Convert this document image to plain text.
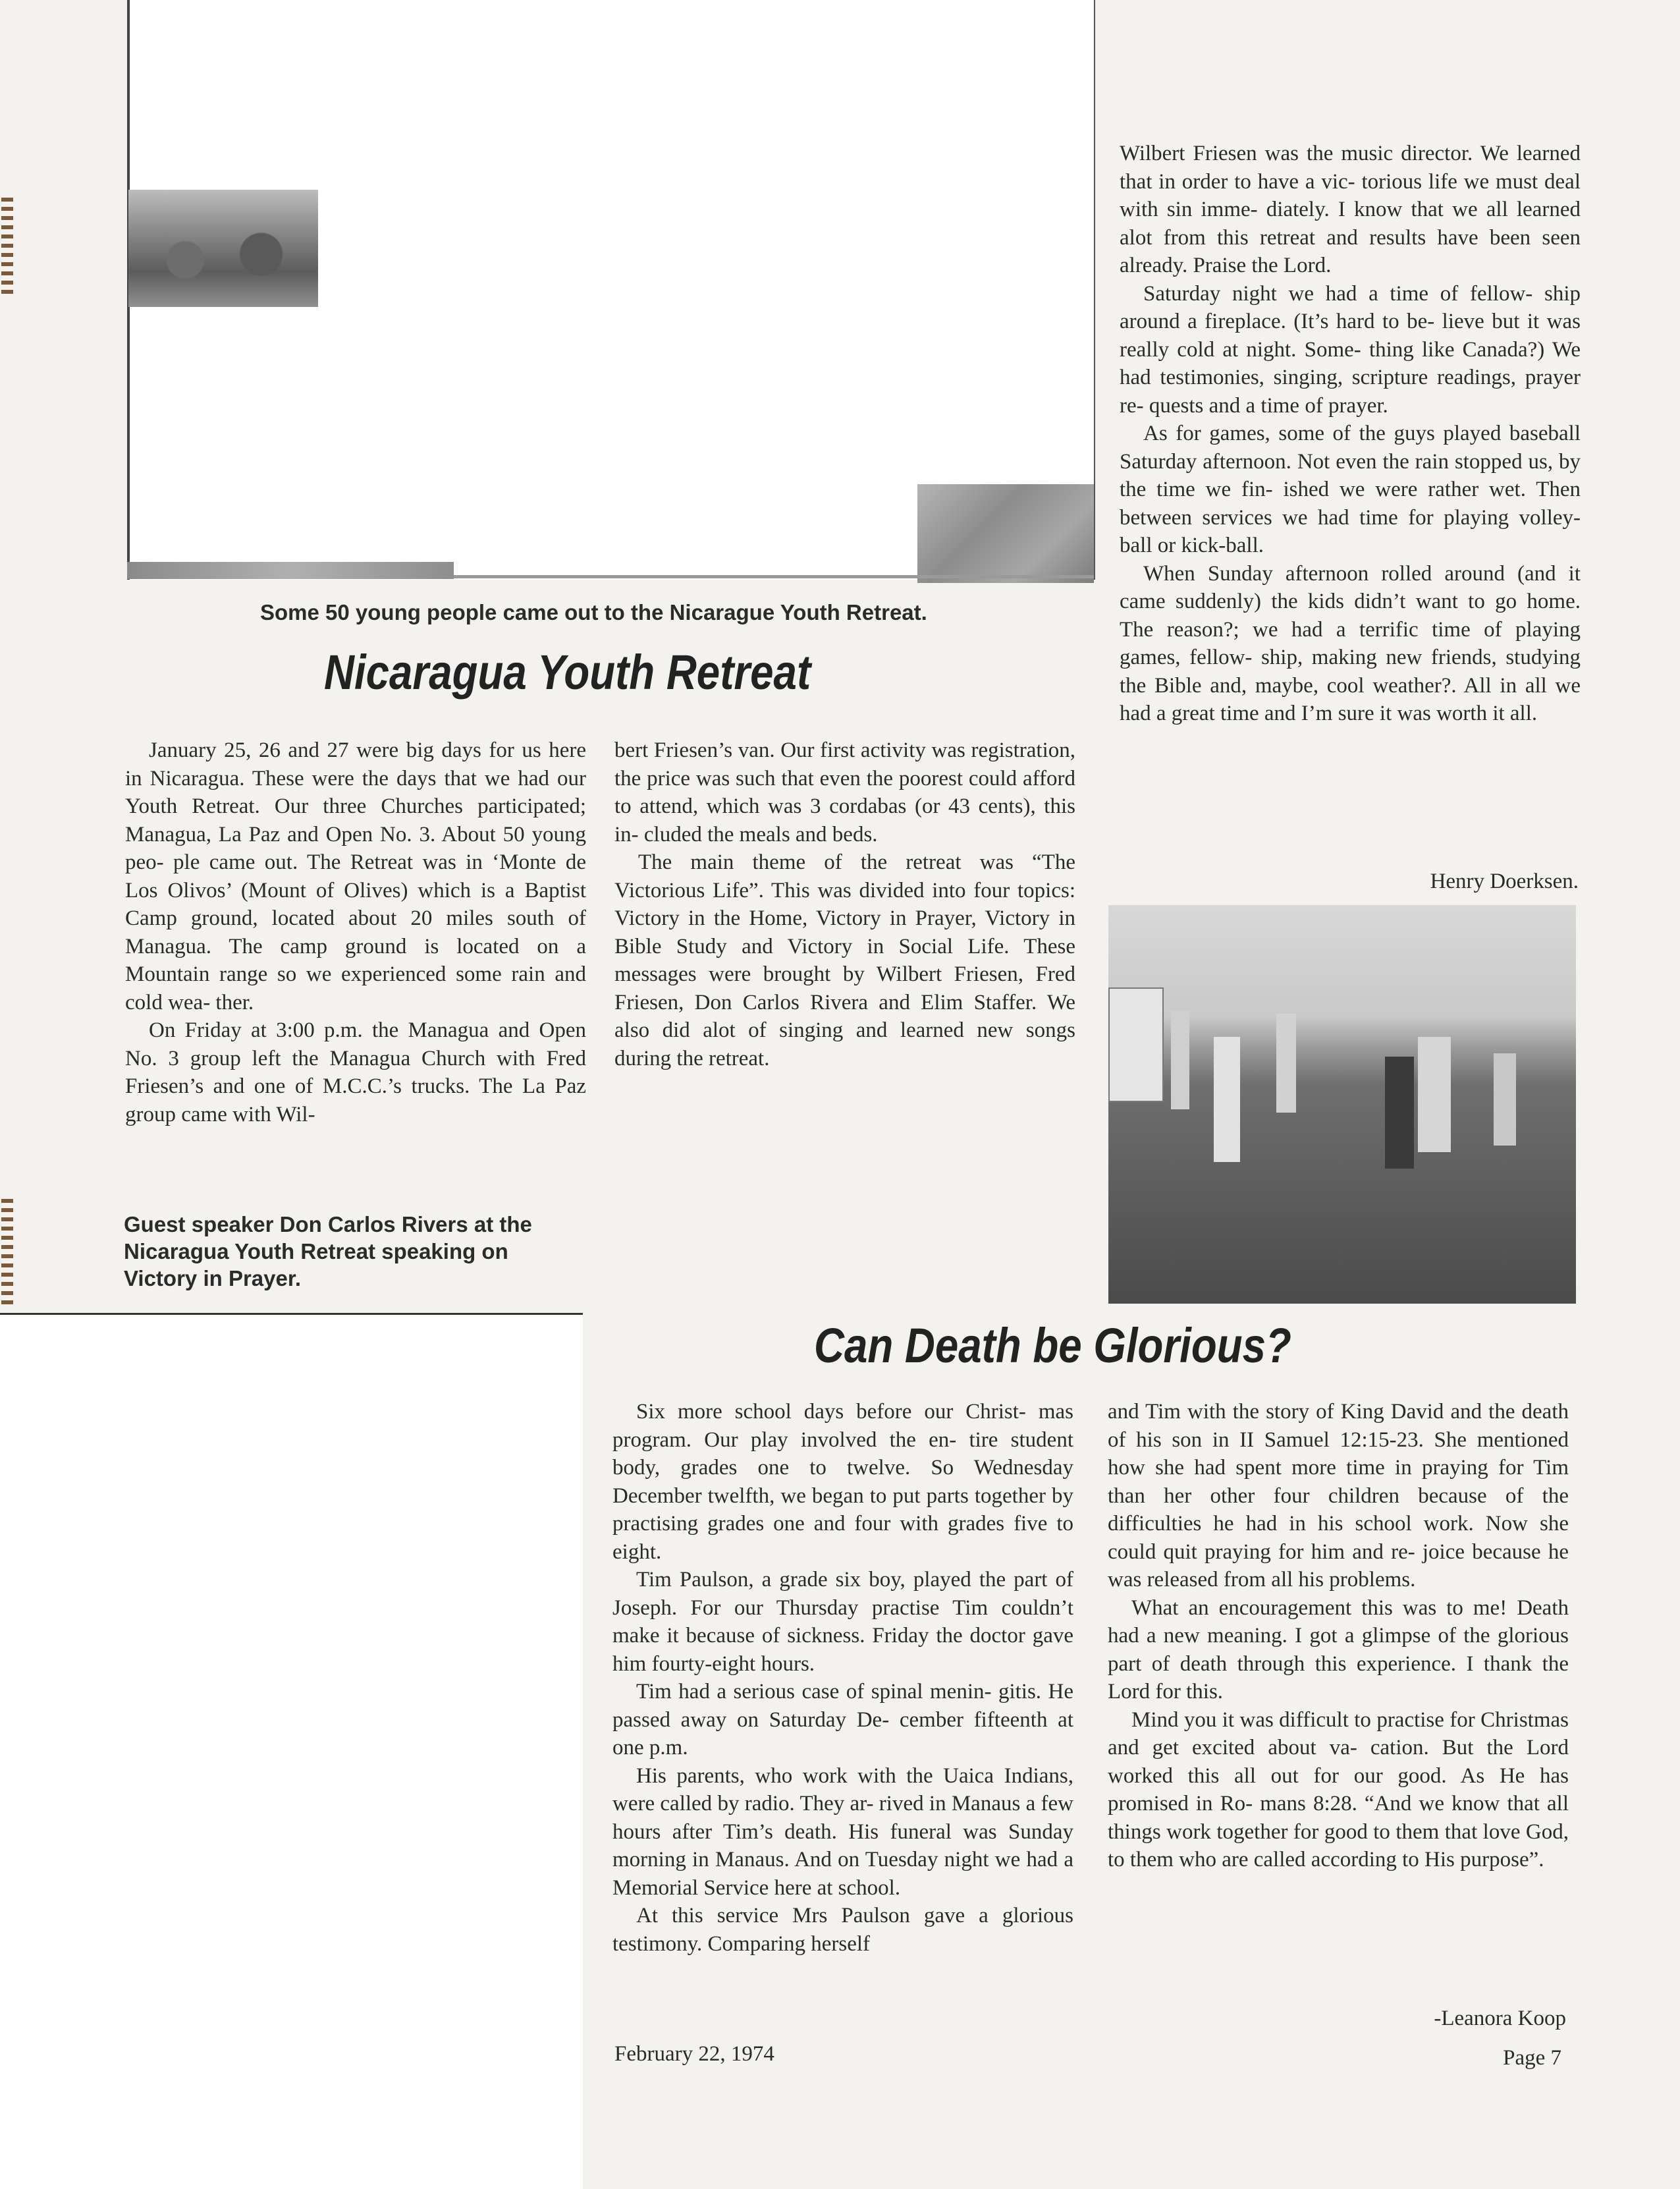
Some 50 young people came out to the Nicarague Youth Retreat.
Nicaragua Youth Retreat

January 25, 26 and 27 were big days for us here in Nicaragua. These were the days that we had our Youth Retreat. Our three Churches participated; Managua, La Paz and Open No. 3. About 50 young peo- ple came out. The Retreat was in ‘Monte de Los Olivos’ (Mount of Olives) which is a Baptist Camp ground, located about 20 miles south of Managua. The camp ground is located on a Mountain range so we experienced some rain and cold wea- ther.

On Friday at 3:00 p.m. the Managua and Open No. 3 group left the Managua Church with Fred Friesen’s and one of M.C.C.’s trucks. The La Paz group came with Wil-

bert Friesen’s van. Our first activity was registration, the price was such that even the poorest could afford to attend, which was 3 cordabas (or 43 cents), this in- cluded the meals and beds.

The main theme of the retreat was “The Victorious Life”. This was divided into four topics: Victory in the Home, Victory in Prayer, Victory in Bible Study and Victory in Social Life. These messages were brought by Wilbert Friesen, Fred Friesen, Don Carlos Rivera and Elim Staffer. We also did alot of singing and learned new songs during the retreat.

Wilbert Friesen was the music director. We learned that in order to have a vic- torious life we must deal with sin imme- diately. I know that we all learned alot from this retreat and results have been seen already. Praise the Lord.

Saturday night we had a time of fellow- ship around a fireplace. (It’s hard to be- lieve but it was really cold at night. Some- thing like Canada?) We had testimonies, singing, scripture readings, prayer re- quests and a time of prayer.

As for games, some of the guys played baseball Saturday afternoon. Not even the rain stopped us, by the time we fin- ished we were rather wet. Then between services we had time for playing volley- ball or kick-ball.

When Sunday afternoon rolled around (and it came suddenly) the kids didn’t want to go home. The reason?; we had a terrific time of playing games, fellow- ship, making new friends, studying the Bible and, maybe, cool weather?. All in all we had a great time and I’m sure it was worth it all.

Henry Doerksen.
Guest speaker Don Carlos Rivers at the Nicaragua Youth Retreat speaking on Victory in Prayer.
Can Death be Glorious?

Six more school days before our Christ- mas program. Our play involved the en- tire student body, grades one to twelve. So Wednesday December twelfth, we began to put parts together by practising grades one and four with grades five to eight.

Tim Paulson, a grade six boy, played the part of Joseph. For our Thursday practise Tim couldn’t make it because of sickness. Friday the doctor gave him fourty-eight hours.

Tim had a serious case of spinal menin- gitis. He passed away on Saturday De- cember fifteenth at one p.m.

His parents, who work with the Uaica Indians, were called by radio. They ar- rived in Manaus a few hours after Tim’s death. His funeral was Sunday morning in Manaus. And on Tuesday night we had a Memorial Service here at school.

At this service Mrs Paulson gave a glorious testimony. Comparing herself

and Tim with the story of King David and the death of his son in II Samuel 12:15-23. She mentioned how she had spent more time in praying for Tim than her other four children because of the difficulties he had in his school work. Now she could quit praying for him and re- joice because he was released from all his problems.

What an encouragement this was to me! Death had a new meaning. I got a glimpse of the glorious part of death through this experience. I thank the Lord for this.

Mind you it was difficult to practise for Christmas and get excited about va- cation. But the Lord worked this all out for our good. As He has promised in Ro- mans 8:28. “And we know that all things work together for good to them that love God, to them who are called according to His purpose”.

-Leanora Koop
February 22, 1974	Page 7
